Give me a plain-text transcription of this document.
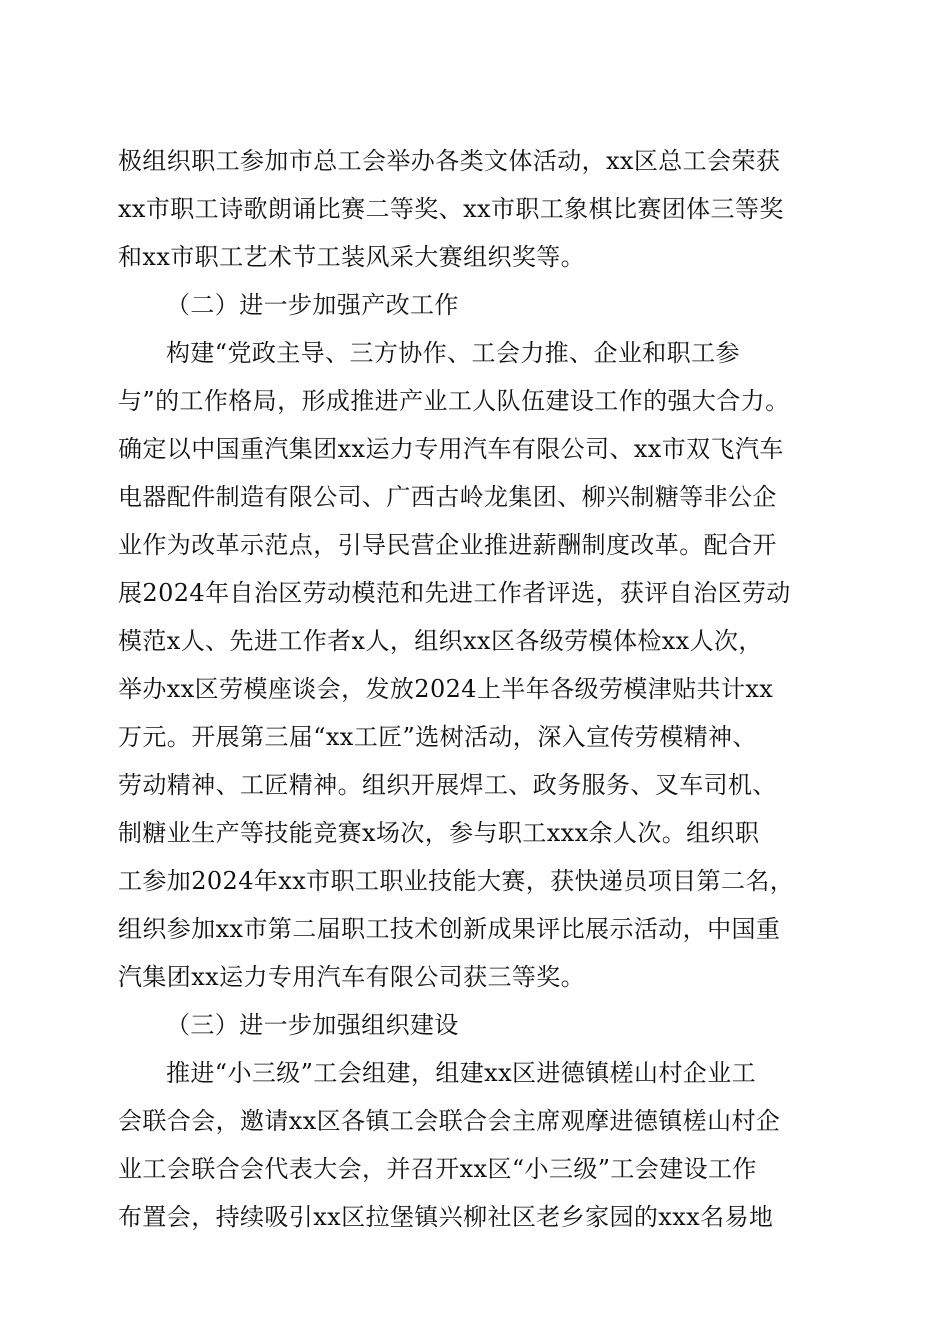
极组织职工参加市总工会举办各类文体活动，xx区总工会荣获
xx市职工诗歌朗诵比赛二等奖、xx市职工象棋比赛团体三等奖
和xx市职工艺术节工装风采大赛组织奖等。
（二）进一步加强产改工作
构建“党政主导、三方协作、工会力推、企业和职工参
与”的工作格局，形成推进产业工人队伍建设工作的强大合力。
确定以中国重汽集团xx运力专用汽车有限公司、xx市双飞汽车
电器配件制造有限公司、广西古岭龙集团、柳兴制糖等非公企
业作为改革示范点，引导民营企业推进薪酬制度改革。配合开
展2024年自治区劳动模范和先进工作者评选，获评自治区劳动
模范x人、先进工作者x人，组织xx区各级劳模体检xx人次，
举办xx区劳模座谈会，发放2024上半年各级劳模津贴共计xx
万元。开展第三届“xx工匠”选树活动，深入宣传劳模精神、
劳动精神、工匠精神。组织开展焊工、政务服务、叉车司机、
制糖业生产等技能竞赛x场次，参与职工xxx余人次。组织职
工参加2024年xx市职工职业技能大赛，获快递员项目第二名，
组织参加xx市第二届职工技术创新成果评比展示活动，中国重
汽集团xx运力专用汽车有限公司获三等奖。
（三）进一步加强组织建设
推进“小三级”工会组建，组建xx区进德镇槎山村企业工
会联合会，邀请xx区各镇工会联合会主席观摩进德镇槎山村企
业工会联合会代表大会，并召开xx区“小三级”工会建设工作
布置会，持续吸引xx区拉堡镇兴柳社区老乡家园的xxx名易地
